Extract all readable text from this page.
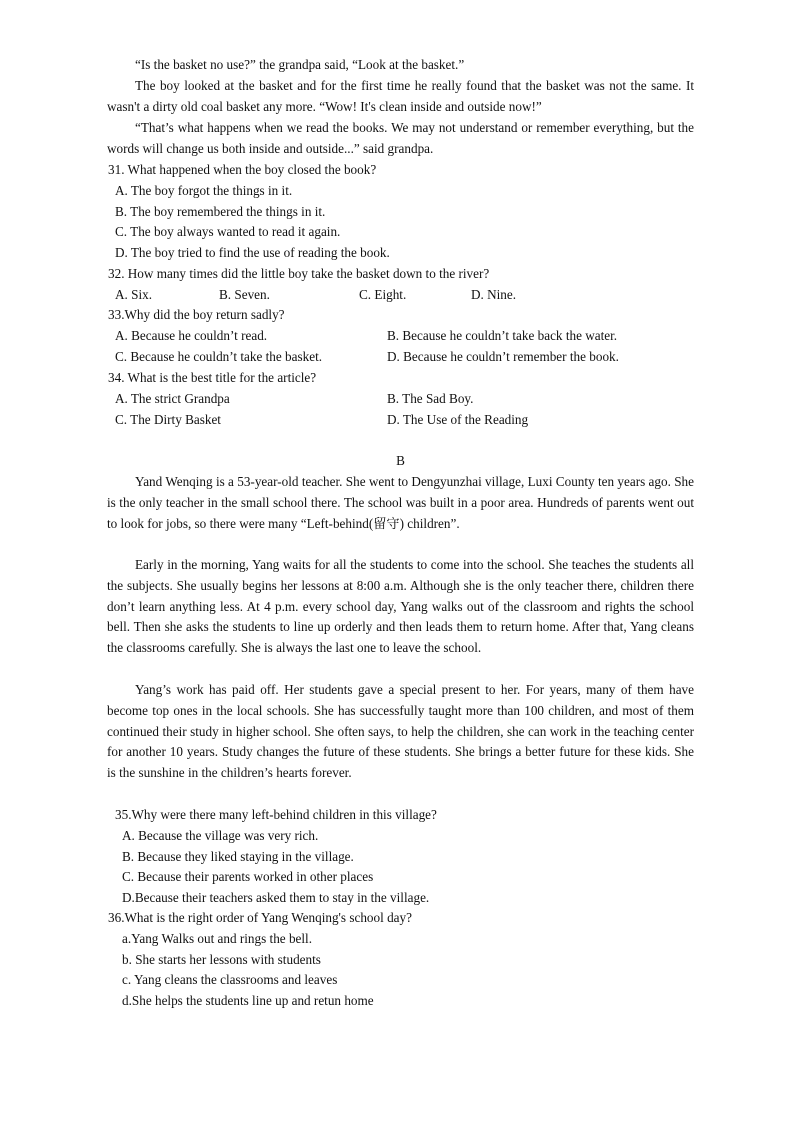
“Is the basket no use?” the grandpa said, “Look at the basket.”

The boy looked at the basket and for the first time he really found that the basket was not the same. It wasn't a dirty old coal basket any more. “Wow! It's clean inside and outside now!”

“That’s what happens when we read the books. We may not understand or remember everything, but the words will change us both inside and outside...” said grandpa.

31. What happened when the boy closed the book?

A. The boy forgot the things in it.

B. The boy remembered the things in it.

C. The boy always wanted to read it again.

D. The boy tried to find the use of reading the book.

32. How many times did the little boy take the basket down to the river?

A. Six.	B. Seven.	C. Eight.	D. Nine.

33.Why did the boy return sadly?

A. Because he couldn’t read.	B. Because he couldn’t take back the water.
C. Because he couldn’t take the basket.	D. Because he couldn’t remember the book.

34. What is the best title for the article?

A. The strict Grandpa	B. The Sad Boy.
C. The Dirty Basket	D. The Use of the Reading

B

Yand Wenqing is a 53-year-old teacher. She went to Dengyunzhai village, Luxi County ten years ago. She is the only teacher in the small school there. The school was built in a poor area. Hundreds of parents went out to look for jobs, so there were many “Left-behind(留守) children”.

Early in the morning, Yang waits for all the students to come into the school. She teaches the students all the subjects. She usually begins her lessons at 8:00 a.m. Although she is the only teacher there, children there don’t learn anything less. At 4 p.m. every school day, Yang walks out of the classroom and rights the school bell. Then she asks the students to line up orderly and then leads them to return home. After that, Yang cleans the classrooms carefully. She is always the last one to leave the school.

Yang’s work has paid off. Her students gave a special present to her. For years, many of them have become top ones in the local schools. She has successfully taught more than 100 children, and most of them continued their study in higher school. She often says, to help the children, she can work in the teaching center for another 10 years. Study changes the future of these students. She brings a better future for these kids. She is the sunshine in the children’s hearts forever.

35.Why were there many left-behind children in this village?

A. Because the village was very rich.

B. Because they liked staying in the village.

C. Because their parents worked in other places

D.Because their teachers asked them to stay in the village.

36.What is the right order of Yang Wenqing's school day?

a.Yang Walks out and rings the bell.

b. She starts her lessons with students

c. Yang cleans the classrooms and leaves

d.She helps the students line up and retun home
